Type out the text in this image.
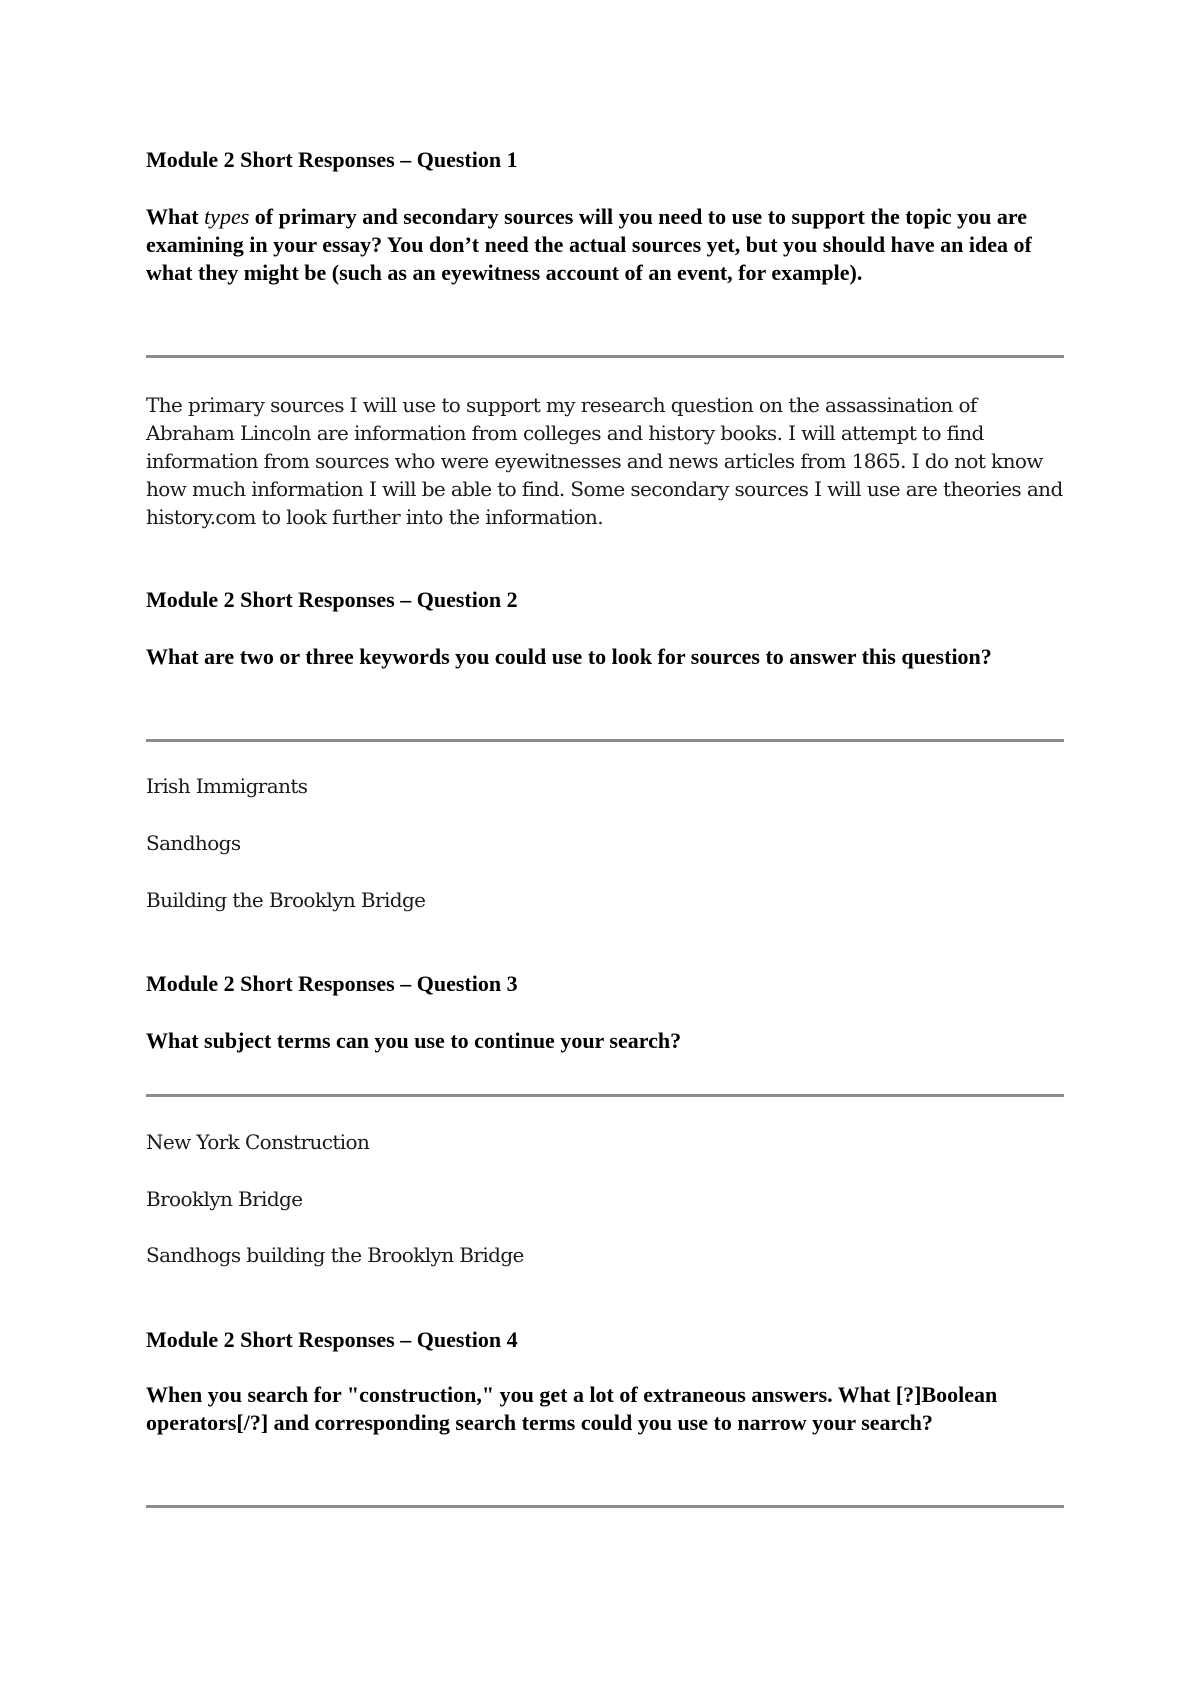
Module 2 Short Responses – Question 1

What types of primary and secondary sources will you need to use to support the topic you are examining in your essay? You don’t need the actual sources yet, but you should have an idea of what they might be (such as an eyewitness account of an event, for example).

The primary sources I will use to support my research question on the assassination of Abraham Lincoln are information from colleges and history books. I will attempt to find information from sources who were eyewitnesses and news articles from 1865. I do not know how much information I will be able to find. Some secondary sources I will use are theories and history.com to look further into the information.

Module 2 Short Responses – Question 2

What are two or three keywords you could use to look for sources to answer this question?

Irish Immigrants

Sandhogs

Building the Brooklyn Bridge

Module 2 Short Responses – Question 3

What subject terms can you use to continue your search?

New York Construction

Brooklyn Bridge

Sandhogs building the Brooklyn Bridge

Module 2 Short Responses – Question 4

When you search for "construction," you get a lot of extraneous answers. What [?]Boolean operators[/?] and corresponding search terms could you use to narrow your search?
